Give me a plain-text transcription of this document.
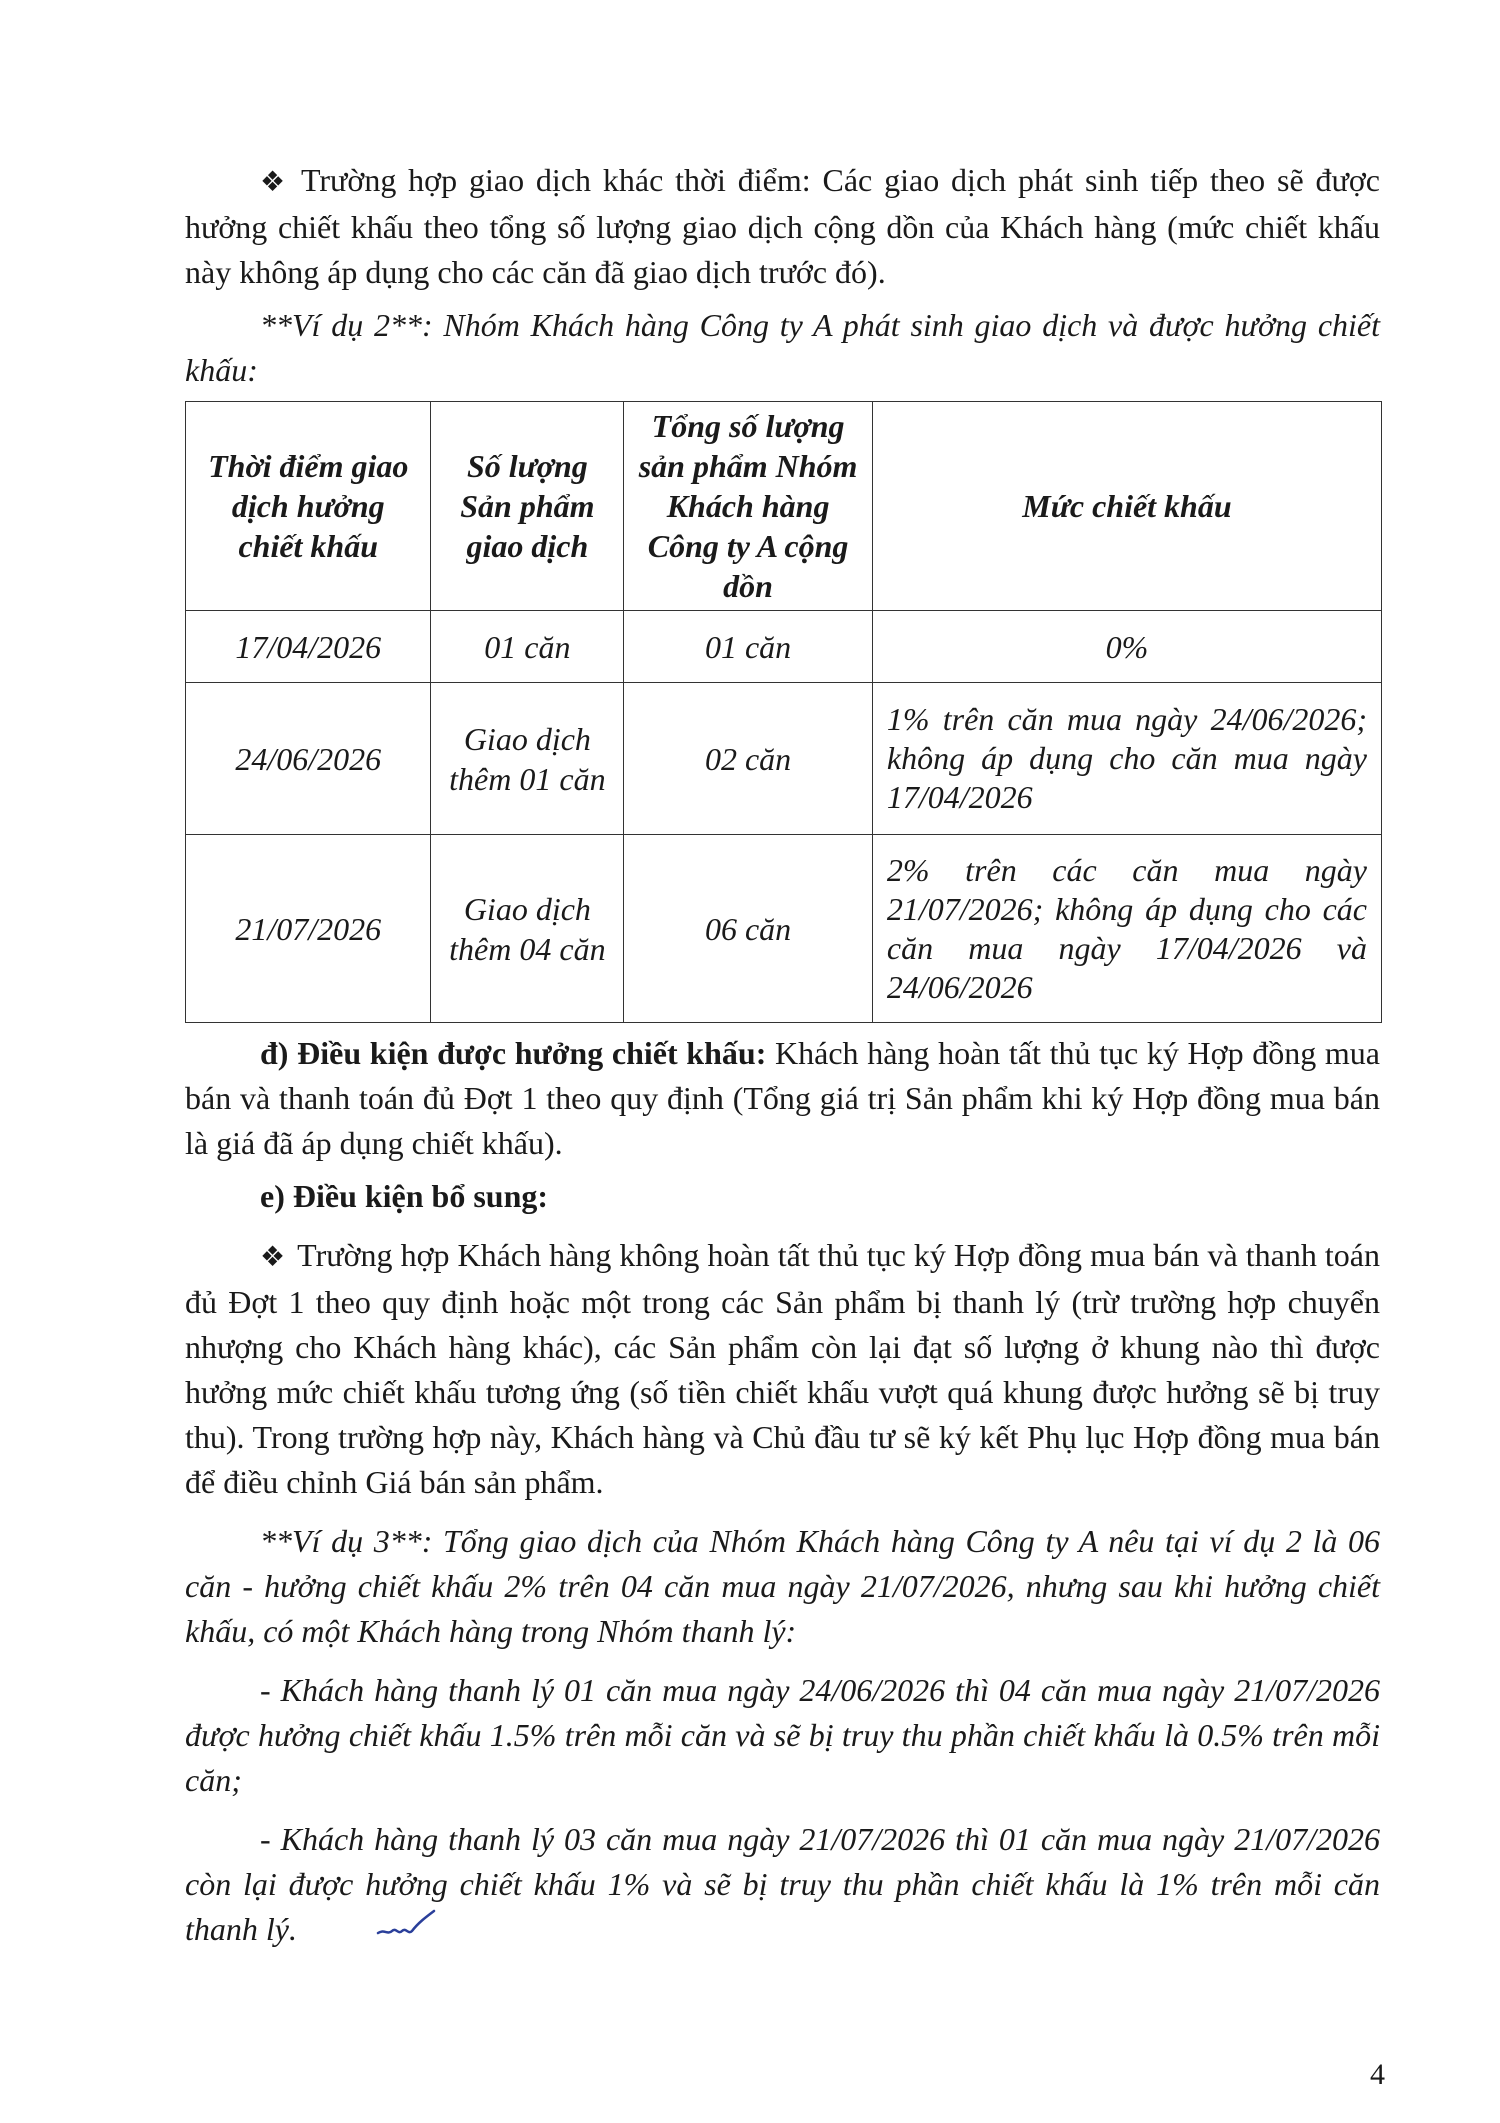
❖ Trường hợp giao dịch khác thời điểm: Các giao dịch phát sinh tiếp theo sẽ được hưởng chiết khấu theo tổng số lượng giao dịch cộng dồn của Khách hàng (mức chiết khấu này không áp dụng cho các căn đã giao dịch trước đó).

**Ví dụ 2**: Nhóm Khách hàng Công ty A phát sinh giao dịch và được hưởng chiết khấu:

Thời điểm giao dịch hưởng chiết khấu	Số lượng Sản phẩm giao dịch	Tổng số lượng sản phẩm Nhóm Khách hàng Công ty A cộng dồn	Mức chiết khấu
17/04/2026	01 căn	01 căn	0%
24/06/2026	Giao dịch thêm 01 căn	02 căn	1% trên căn mua ngày 24/06/2026; không áp dụng cho căn mua ngày 17/04/2026
21/07/2026	Giao dịch thêm 04 căn	06 căn	2% trên các căn mua ngày 21/07/2026; không áp dụng cho các căn mua ngày 17/04/2026 và 24/06/2026

đ) Điều kiện được hưởng chiết khấu: Khách hàng hoàn tất thủ tục ký Hợp đồng mua bán và thanh toán đủ Đợt 1 theo quy định (Tổng giá trị Sản phẩm khi ký Hợp đồng mua bán là giá đã áp dụng chiết khấu).

e) Điều kiện bổ sung:

❖ Trường hợp Khách hàng không hoàn tất thủ tục ký Hợp đồng mua bán và thanh toán đủ Đợt 1 theo quy định hoặc một trong các Sản phẩm bị thanh lý (trừ trường hợp chuyển nhượng cho Khách hàng khác), các Sản phẩm còn lại đạt số lượng ở khung nào thì được hưởng mức chiết khấu tương ứng (số tiền chiết khấu vượt quá khung được hưởng sẽ bị truy thu). Trong trường hợp này, Khách hàng và Chủ đầu tư sẽ ký kết Phụ lục Hợp đồng mua bán để điều chỉnh Giá bán sản phẩm.

**Ví dụ 3**: Tổng giao dịch của Nhóm Khách hàng Công ty A nêu tại ví dụ 2 là 06 căn - hưởng chiết khấu 2% trên 04 căn mua ngày 21/07/2026, nhưng sau khi hưởng chiết khấu, có một Khách hàng trong Nhóm thanh lý:

- Khách hàng thanh lý 01 căn mua ngày 24/06/2026 thì 04 căn mua ngày 21/07/2026 được hưởng chiết khấu 1.5% trên mỗi căn và sẽ bị truy thu phần chiết khấu là 0.5% trên mỗi căn;

- Khách hàng thanh lý 03 căn mua ngày 21/07/2026 thì 01 căn mua ngày 21/07/2026 còn lại được hưởng chiết khấu 1% và sẽ bị truy thu phần chiết khấu là 1% trên mỗi căn thanh lý.

4
